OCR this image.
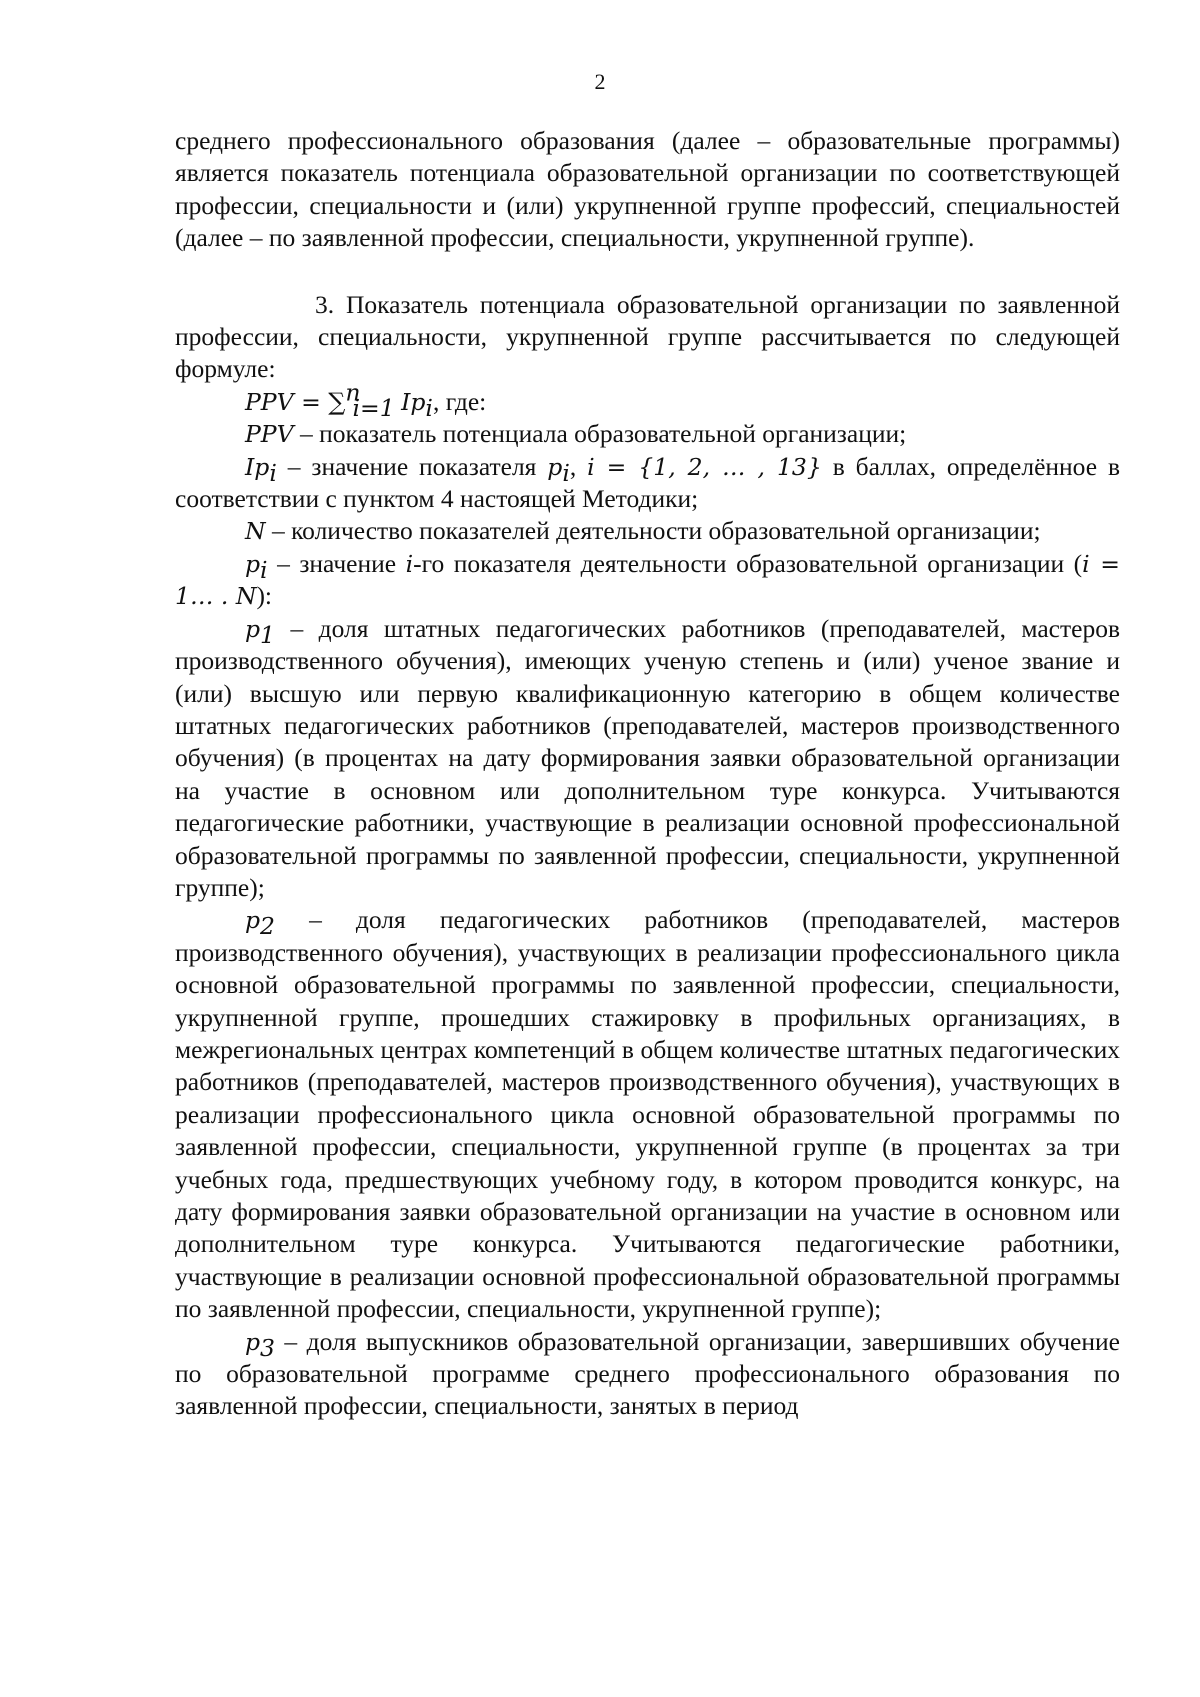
2

среднего профессионального образования (далее – образовательные программы) является показатель потенциала образовательной организации по соответствующей профессии, специальности и (или) укрупненной группе профессий, специальностей (далее – по заявленной профессии, специальности, укрупненной группе).

3. Показатель потенциала образовательной организации по заявленной профессии, специальности, укрупненной группе рассчитывается по следующей формуле:

PPV = ∑$^n_{i=1}$ $Ip_i$, где:

PPV – показатель потенциала образовательной организации;

$Ip_i$ – значение показателя $p_i$, i = {1, 2, … , 13} в баллах, определённое в соответствии с пунктом 4 настоящей Методики;

N – количество показателей деятельности образовательной организации;

$p_i$ – значение i-го показателя деятельности образовательной организации (i = 1… . N):

$p_1$ – доля штатных педагогических работников (преподавателей, мастеров производственного обучения), имеющих ученую степень и (или) ученое звание и (или) высшую или первую квалификационную категорию в общем количестве штатных педагогических работников (преподавателей, мастеров производственного обучения) (в процентах на дату формирования заявки образовательной организации на участие в основном или дополнительном туре конкурса. Учитываются педагогические работники, участвующие в реализации основной профессиональной образовательной программы по заявленной профессии, специальности, укрупненной группе);

$p_2$ – доля педагогических работников (преподавателей, мастеров производственного обучения), участвующих в реализации профессионального цикла основной образовательной программы по заявленной профессии, специальности, укрупненной группе, прошедших стажировку в профильных организациях, в межрегиональных центрах компетенций в общем количестве штатных педагогических работников (преподавателей, мастеров производственного обучения), участвующих в реализации профессионального цикла основной образовательной программы по заявленной профессии, специальности, укрупненной группе (в процентах за три учебных года, предшествующих учебному году, в котором проводится конкурс, на дату формирования заявки образовательной организации на участие в основном или дополнительном туре конкурса. Учитываются педагогические работники, участвующие в реализации основной профессиональной образовательной программы по заявленной профессии, специальности, укрупненной группе);

$p_3$ – доля выпускников образовательной организации, завершивших обучение по образовательной программе среднего профессионального образования по заявленной профессии, специальности, занятых в период
